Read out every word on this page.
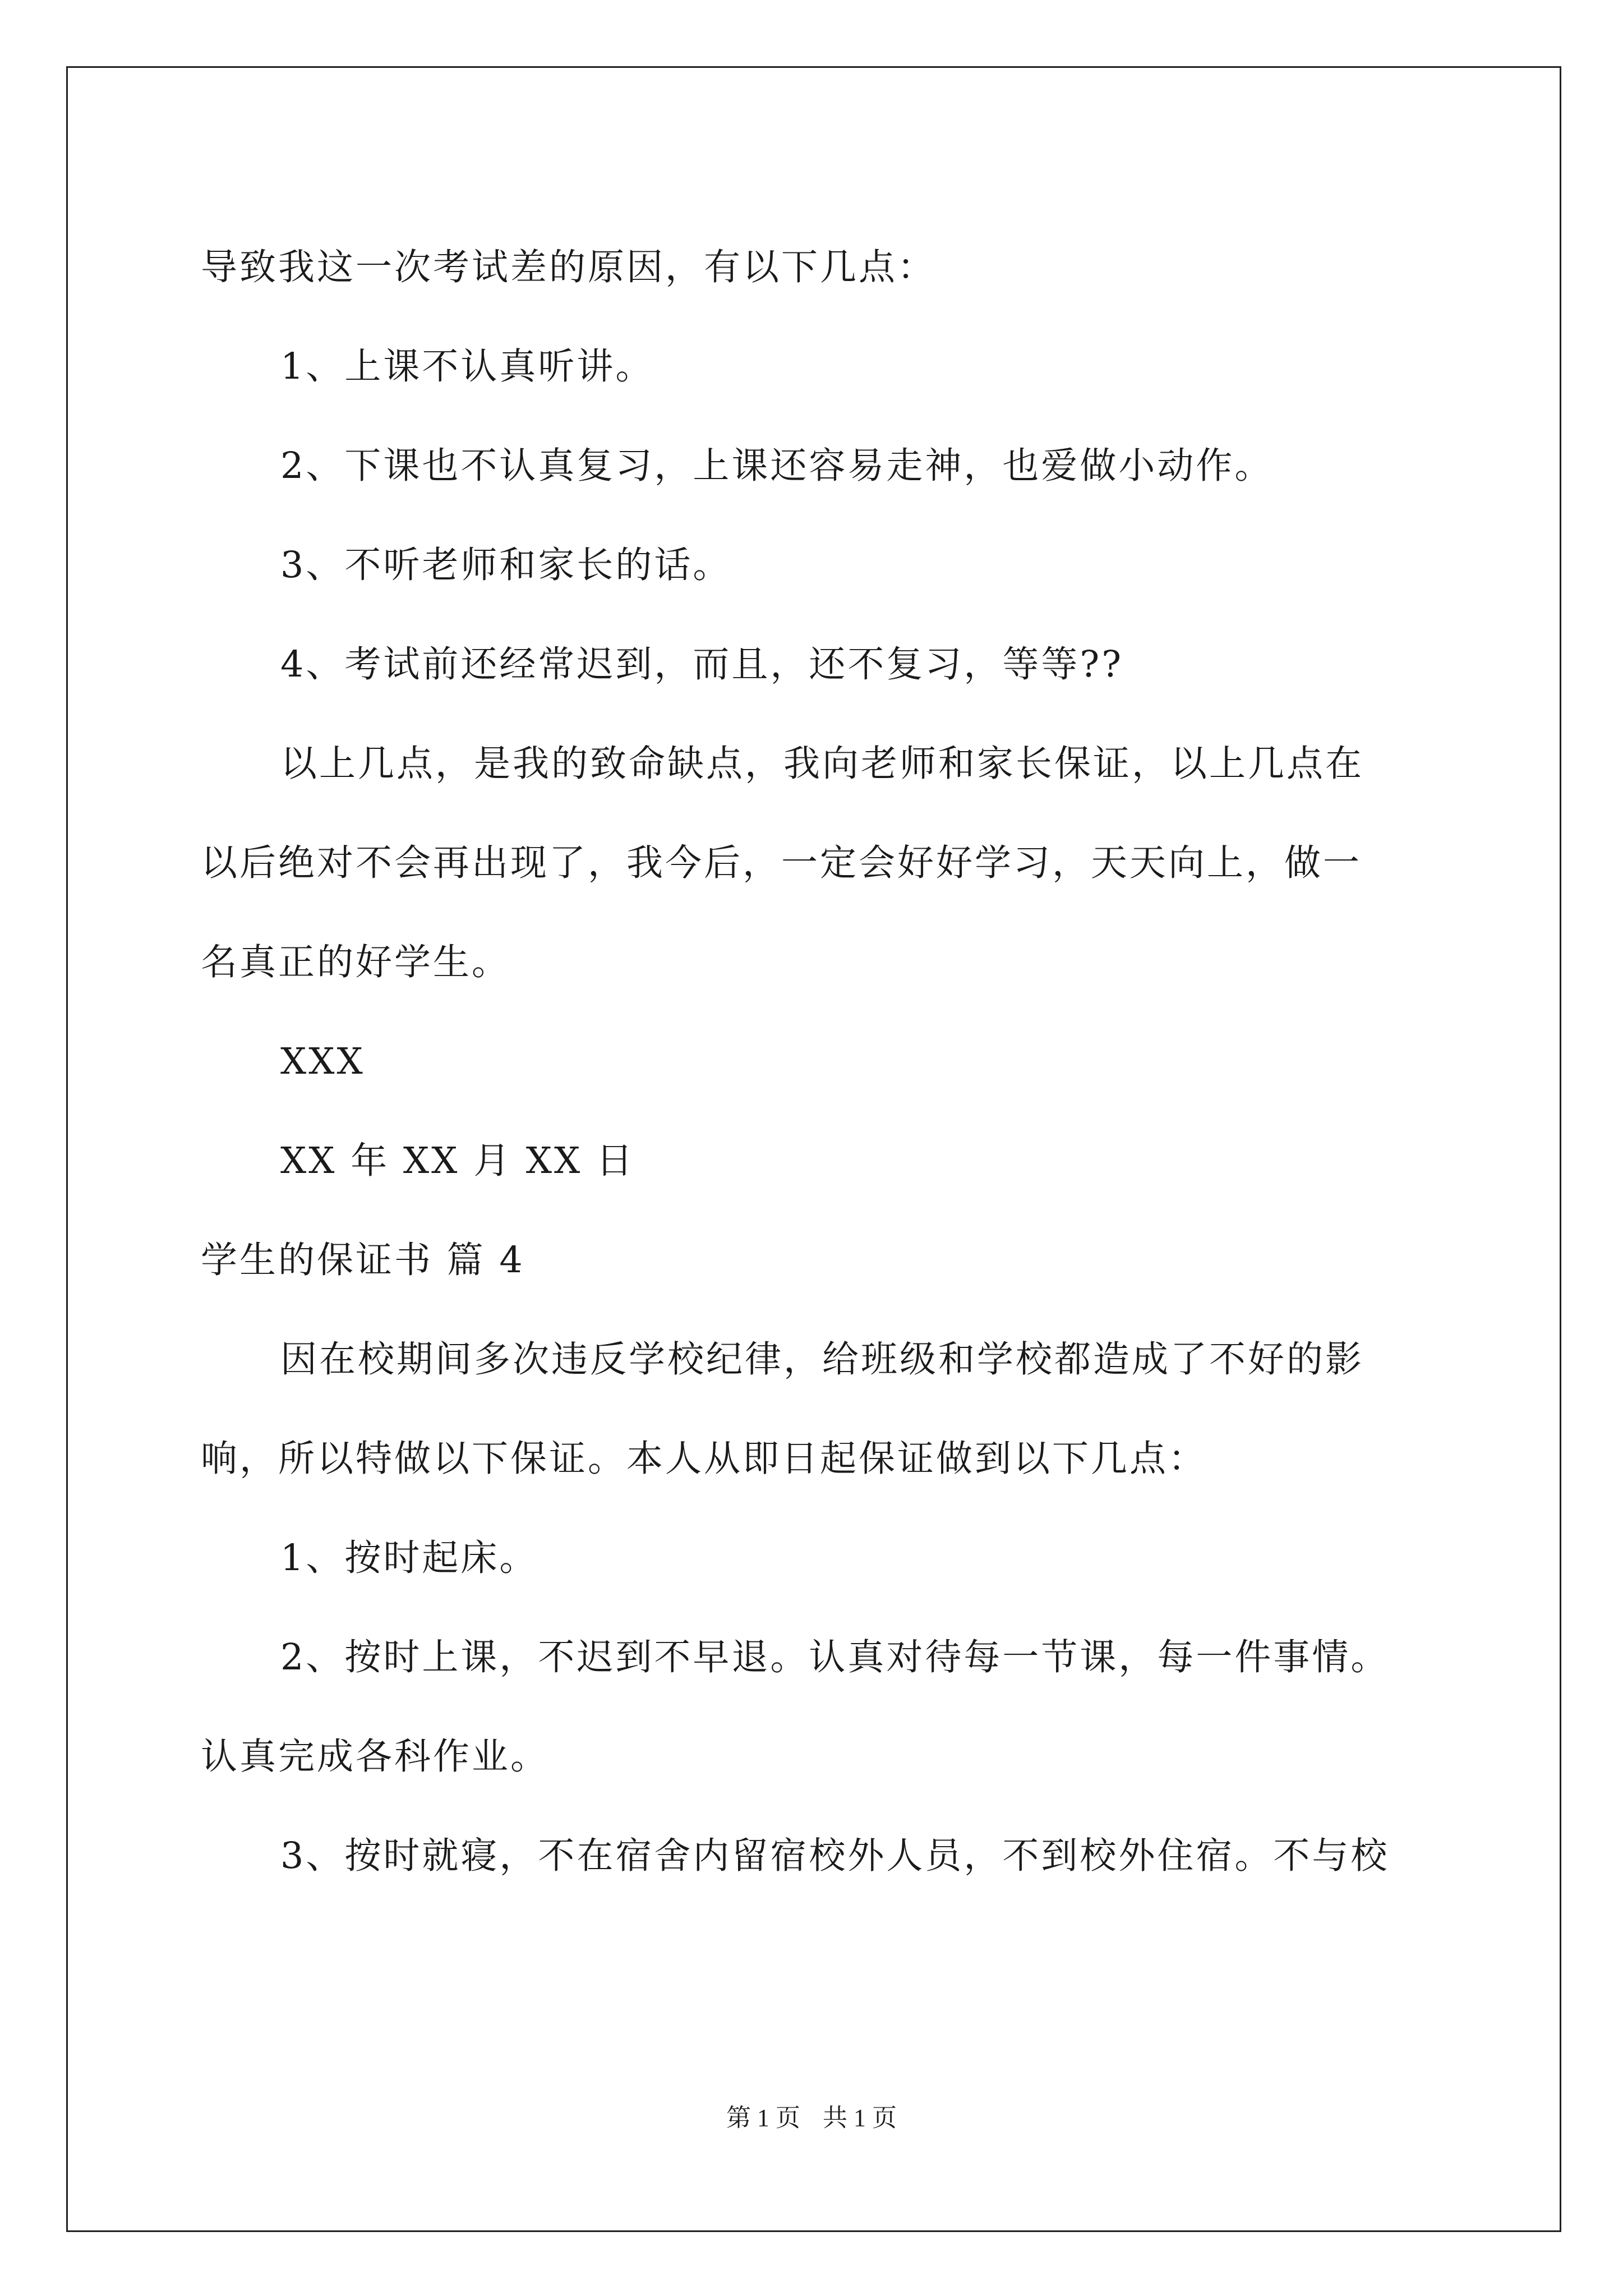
导致我这一次考试差的原因，有以下几点：
1、上课不认真听讲。
2、下课也不认真复习，上课还容易走神，也爱做小动作。
3、不听老师和家长的话。
4、考试前还经常迟到，而且，还不复习，等等??
以上几点，是我的致命缺点，我向老师和家长保证，以上几点在
以后绝对不会再出现了，我今后，一定会好好学习，天天向上，做一
名真正的好学生。
XXX
XX 年 XX 月 XX 日
学生的保证书 篇 4
因在校期间多次违反学校纪律，给班级和学校都造成了不好的影
响，所以特做以下保证。本人从即日起保证做到以下几点：
1、按时起床。
2、按时上课，不迟到不早退。认真对待每一节课，每一件事情。
认真完成各科作业。
3、按时就寝，不在宿舍内留宿校外人员，不到校外住宿。不与校
第 1 页 共 1 页
